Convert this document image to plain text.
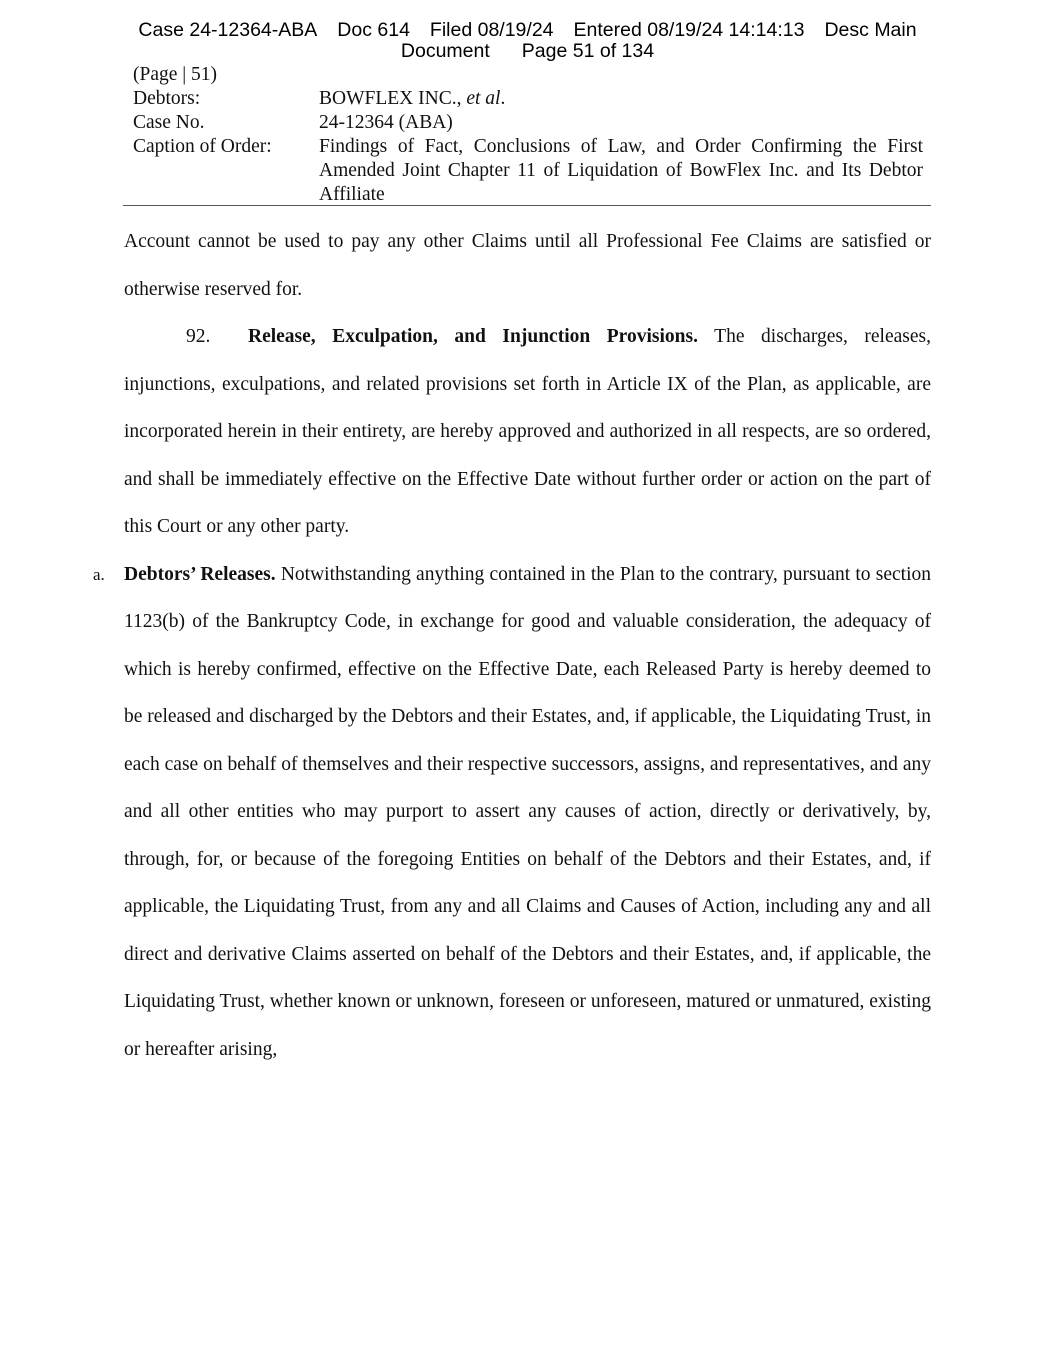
Case 24-12364-ABA Doc 614 Filed 08/19/24 Entered 08/19/24 14:14:13 Desc Main
Document Page 51 of 134
(Page | 51)
Debtors:	BOWFLEX INC., et al.
Case No.	24-12364 (ABA)
Caption of Order:	Findings of Fact, Conclusions of Law, and Order Confirming the First Amended Joint Chapter 11 of Liquidation of BowFlex Inc. and Its Debtor Affiliate

Account cannot be used to pay any other Claims until all Professional Fee Claims are satisfied or otherwise reserved for.

92. Release, Exculpation, and Injunction Provisions. The discharges, releases, injunctions, exculpations, and related provisions set forth in Article IX of the Plan, as applicable, are incorporated herein in their entirety, are hereby approved and authorized in all respects, are so ordered, and shall be immediately effective on the Effective Date without further order or action on the part of this Court or any other party.

a. Debtors’ Releases. Notwithstanding anything contained in the Plan to the contrary, pursuant to section 1123(b) of the Bankruptcy Code, in exchange for good and valuable consideration, the adequacy of which is hereby confirmed, effective on the Effective Date, each Released Party is hereby deemed to be released and discharged by the Debtors and their Estates, and, if applicable, the Liquidating Trust, in each case on behalf of themselves and their respective successors, assigns, and representatives, and any and all other entities who may purport to assert any causes of action, directly or derivatively, by, through, for, or because of the foregoing Entities on behalf of the Debtors and their Estates, and, if applicable, the Liquidating Trust, from any and all Claims and Causes of Action, including any and all direct and derivative Claims asserted on behalf of the Debtors and their Estates, and, if applicable, the Liquidating Trust, whether known or unknown, foreseen or unforeseen, matured or unmatured, existing or hereafter arising,
